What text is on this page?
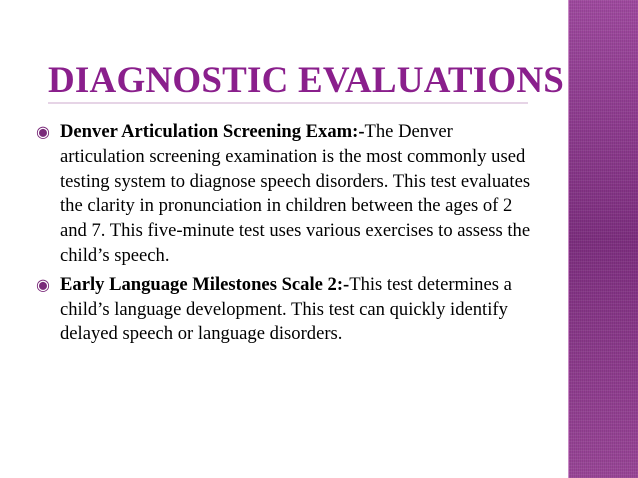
DIAGNOSTIC EVALUATIONS

◉ Denver Articulation Screening Exam:-The Denver articulation screening examination is the most commonly used testing system to diagnose speech disorders. This test evaluates the clarity in pronunciation in children between the ages of 2 and 7. This five-minute test uses various exercises to assess the child’s speech.

◉ Early Language Milestones Scale 2:-This test determines a child’s language development. This test can quickly identify delayed speech or language disorders.
